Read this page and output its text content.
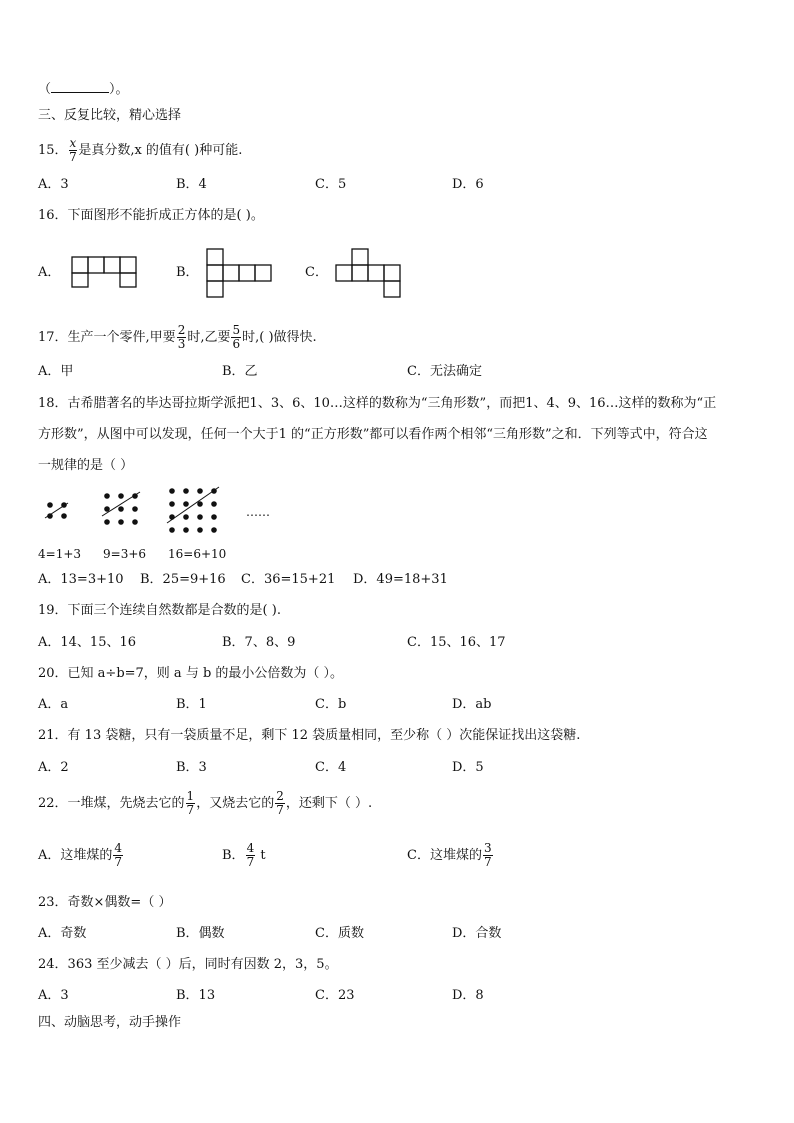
（	）。
三、反复比较，精心选择
15． $\frac{x}{7}$ 是真分数,x 的值有( )种可能.
A．3	B．4	C．5	D．6
16．下面图形不能折成正方体的是( )。
A．	B．	C．
17．生产一个零件,甲要 $\frac{2}{3}$ 时,乙要 $\frac{5}{6}$ 时,( )做得快.
A．甲	B．乙	C．无法确定
18．古希腊著名的毕达哥拉斯学派把1、3、6、10…这样的数称为“三角形数”，而把1、4、9、16…这样的数称为“正
方形数”，从图中可以发现，任何一个大于1 的“正方形数”都可以看作两个相邻“三角形数”之和．下列等式中，符合这
一规律的是（ ）
……
4=1+3 9=3+6 16=6+10
A．13=3+10 B．25=9+16 C．36=15+21 D．49=18+31
19．下面三个连续自然数都是合数的是( ).
A．14、15、16	B．7、8、9	C．15、16、17
20．已知 a÷b=7，则 a 与 b 的最小公倍数为（ ）。
A．a	B．1	C．b	D．ab
21．有 13 袋糖，只有一袋质量不足，剩下 12 袋质量相同，至少称（ ）次能保证找出这袋糖.
A．2	B．3	C．4	D．5
22．一堆煤，先烧去它的 $\frac{1}{7}$ ，又烧去它的 $\frac{2}{7}$ ，还剩下（ ）.
A．这堆煤的 $\frac{4}{7}$	B． $\frac{4}{7}$ t	C．这堆煤的 $\frac{3}{7}$
23．奇数×偶数=（ ）
A．奇数	B．偶数	C．质数	D．合数
24．363 至少减去（ ）后，同时有因数 2，3，5。
A．3	B．13	C．23	D．8
四、动脑思考，动手操作
